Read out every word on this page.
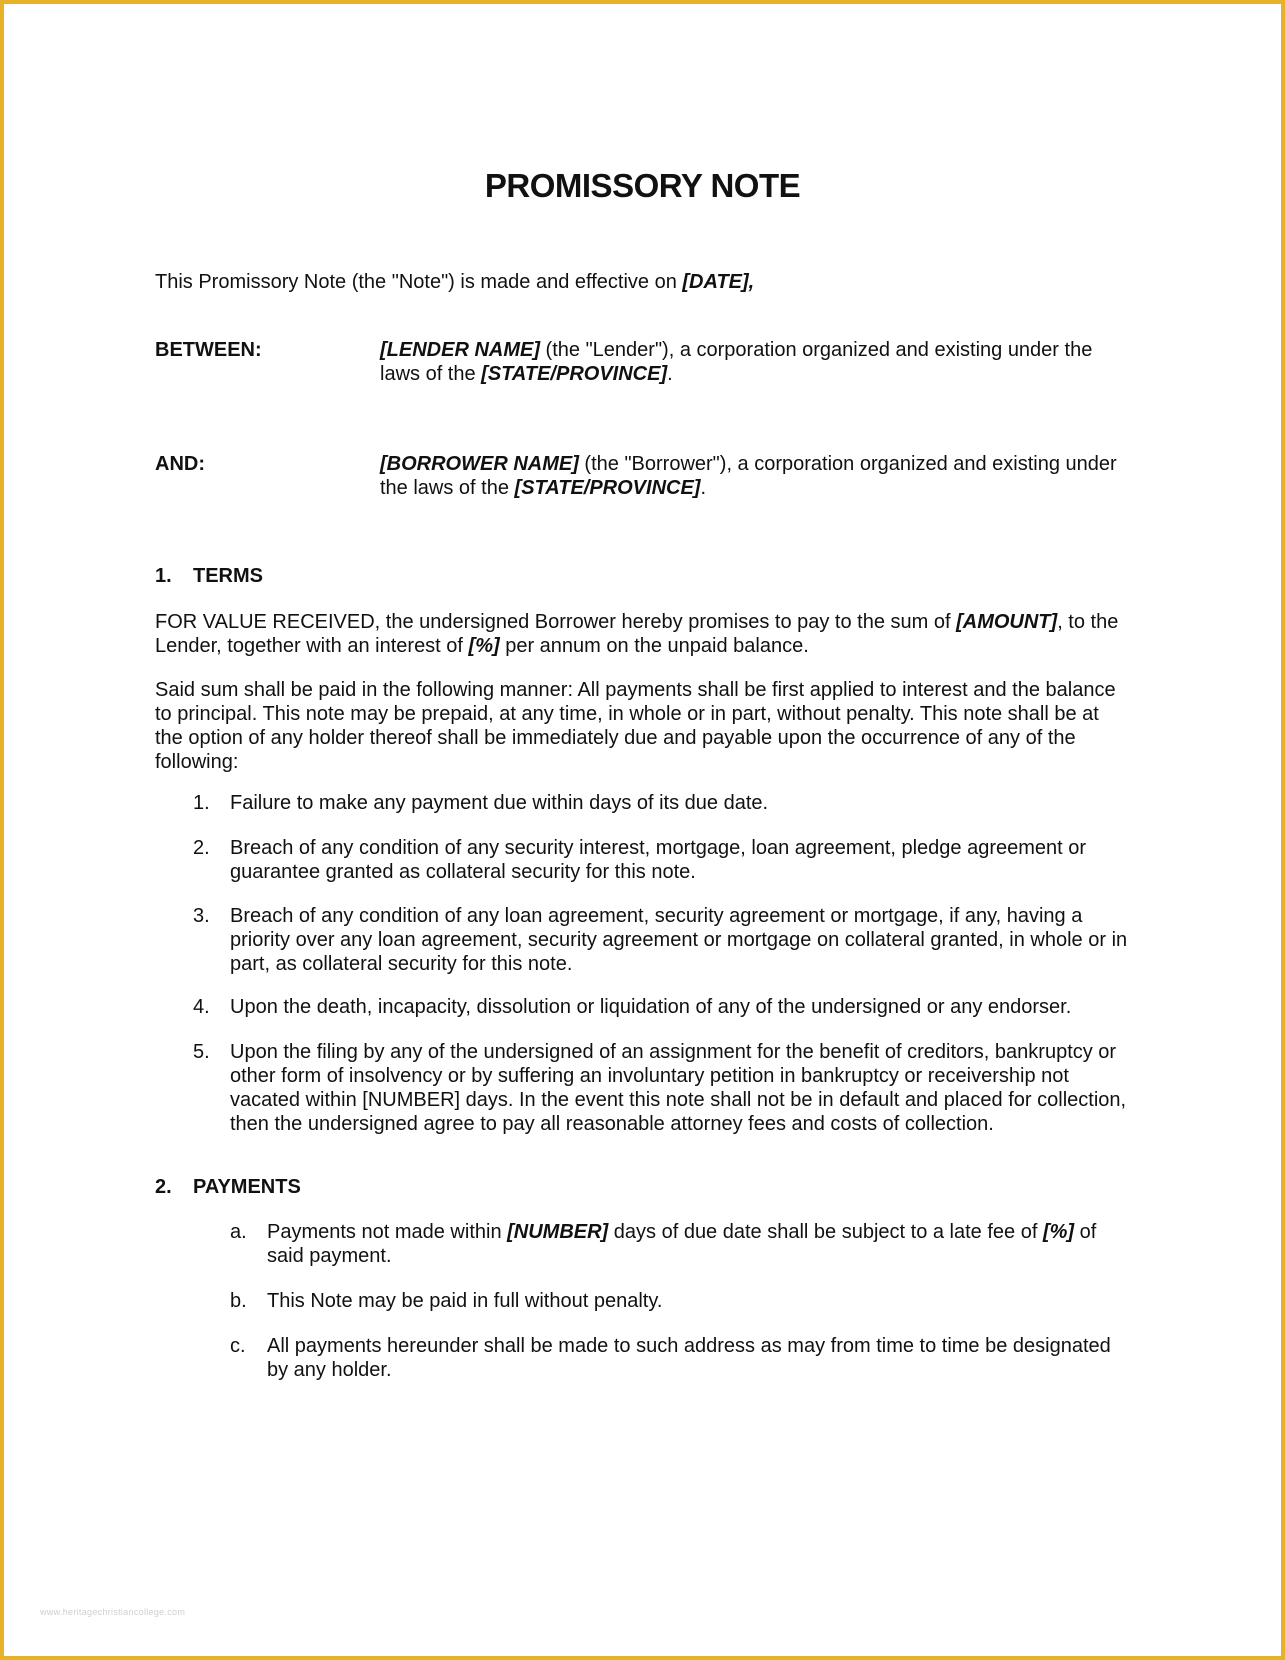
PROMISSORY NOTE
This Promissory Note (the "Note") is made and effective on [DATE],
BETWEEN:	[LENDER NAME] (the "Lender"), a corporation organized and existing under the laws of the [STATE/PROVINCE].
AND:	[BORROWER NAME] (the "Borrower"), a corporation organized and existing under the laws of the [STATE/PROVINCE].
1. TERMS
FOR VALUE RECEIVED, the undersigned Borrower hereby promises to pay to the sum of [AMOUNT], to the Lender, together with an interest of [%] per annum on the unpaid balance.
Said sum shall be paid in the following manner: All payments shall be first applied to interest and the balance to principal. This note may be prepaid, at any time, in whole or in part, without penalty. This note shall be at the option of any holder thereof shall be immediately due and payable upon the occurrence of any of the following:
1.	Failure to make any payment due within days of its due date.
2.	Breach of any condition of any security interest, mortgage, loan agreement, pledge agreement or guarantee granted as collateral security for this note.
3.	Breach of any condition of any loan agreement, security agreement or mortgage, if any, having a priority over any loan agreement, security agreement or mortgage on collateral granted, in whole or in part, as collateral security for this note.
4.	Upon the death, incapacity, dissolution or liquidation of any of the undersigned or any endorser.
5.	Upon the filing by any of the undersigned of an assignment for the benefit of creditors, bankruptcy or other form of insolvency or by suffering an involuntary petition in bankruptcy or receivership not vacated within [NUMBER] days. In the event this note shall not be in default and placed for collection, then the undersigned agree to pay all reasonable attorney fees and costs of collection.
2. PAYMENTS
a.	Payments not made within [NUMBER] days of due date shall be subject to a late fee of [%] of said payment.
b.	This Note may be paid in full without penalty.
c.	All payments hereunder shall be made to such address as may from time to time be designated by any holder.
www.heritagechristiancollege.com
